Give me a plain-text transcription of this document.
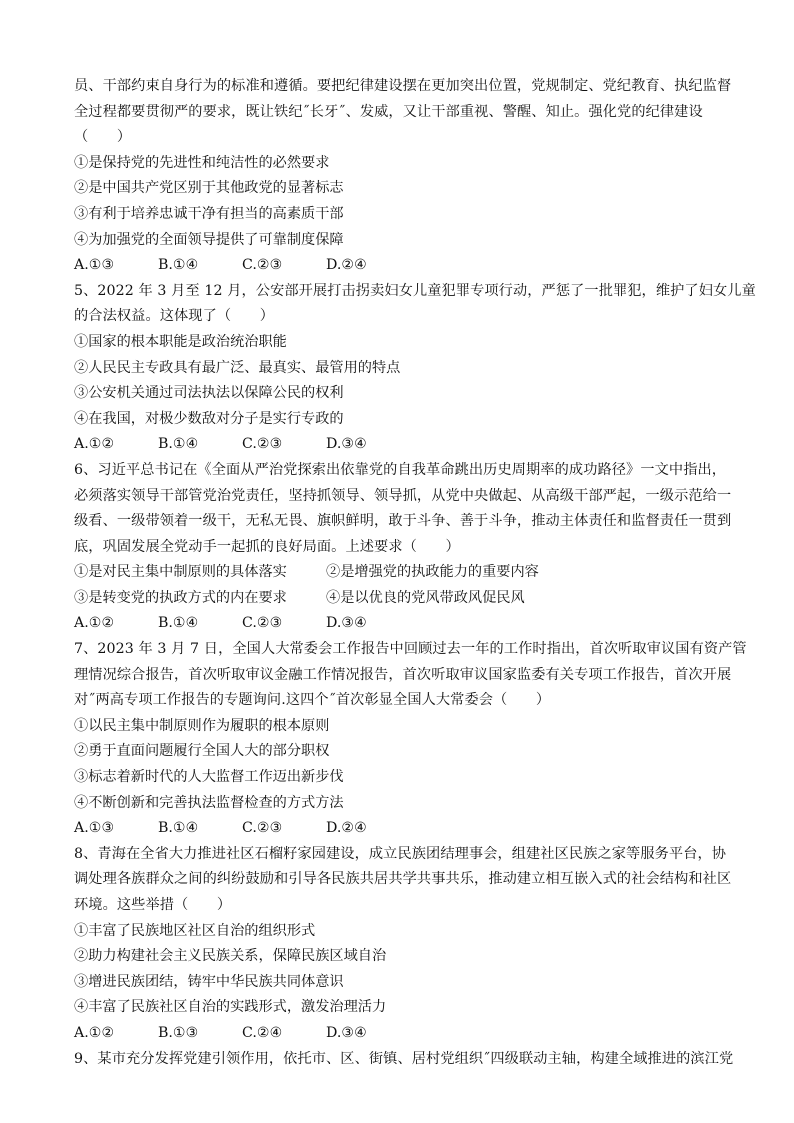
员、干部约束自身行为的标准和遵循。要把纪律建设摆在更加突出位置，党规制定、党纪教育、执纪监督
全过程都要贯彻严的要求，既让铁纪˝长牙˝、发威，又让干部重视、警醒、知止。强化党的纪律建设
（　　）
①是保持党的先进性和纯洁性的必然要求
②是中国共产党区别于其他政党的显著标志
③有利于培养忠诚干净有担当的高素质干部
④为加强党的全面领导提供了可靠制度保障
A.①③	B.①④	C.②③	D.②④
5、2022 年 3 月至 12 月，公安部开展打击拐卖妇女儿童犯罪专项行动，严惩了一批罪犯，维护了妇女儿童
的合法权益。这体现了（　　）
①国家的根本职能是政治统治职能
②人民民主专政具有最广泛、最真实、最管用的特点
③公安机关通过司法执法以保障公民的权利
④在我国，对极少数敌对分子是实行专政的
A.①②	B.①④	C.②③	D.③④
6、习近平总书记在《全面从严治党探索出依靠党的自我革命跳出历史周期率的成功路径》一文中指出，
必须落实领导干部管党治党责任，坚持抓领导、领导抓，从党中央做起、从高级干部严起，一级示范给一
级看、一级带领着一级干，无私无畏、旗帜鲜明，敢于斗争、善于斗争，推动主体责任和监督责任一贯到
底，巩固发展全党动手一起抓的良好局面。上述要求（　　）
①是对民主集中制原则的具体落实	②是增强党的执政能力的重要内容
③是转变党的执政方式的内在要求	④是以优良的党风带政风促民风
A.①②	B.①④	C.②③	D.③④
7、2023 年 3 月 7 日，全国人大常委会工作报告中回顾过去一年的工作时指出，首次听取审议国有资产管
理情况综合报告，首次听取审议金融工作情况报告，首次听取审议国家监委有关专项工作报告，首次开展
对˝两高专项工作报告的专题询问.这四个˝首次彰显全国人大常委会（　　）
①以民主集中制原则作为履职的根本原则
②勇于直面问题履行全国人大的部分职权
③标志着新时代的人大监督工作迈出新步伐
④不断创新和完善执法监督检查的方式方法
A.①③	B.①④	C.②③	D.②④
8、青海在全省大力推进社区石榴籽家园建设，成立民族团结理事会，组建社区民族之家等服务平台，协
调处理各族群众之间的纠纷鼓励和引导各民族共居共学共事共乐，推动建立相互嵌入式的社会结构和社区
环境。这些举措（　　）
①丰富了民族地区社区自治的组织形式
②助力构建社会主义民族关系，保障民族区域自治
③增进民族团结，铸牢中华民族共同体意识
④丰富了民族社区自治的实践形式，激发治理活力
A.①②	B.①③	C.②④	D.③④
9、某市充分发挥党建引领作用，依托市、区、街镇、居村党组织˝四级联动主轴，构建全域推进的滨江党
